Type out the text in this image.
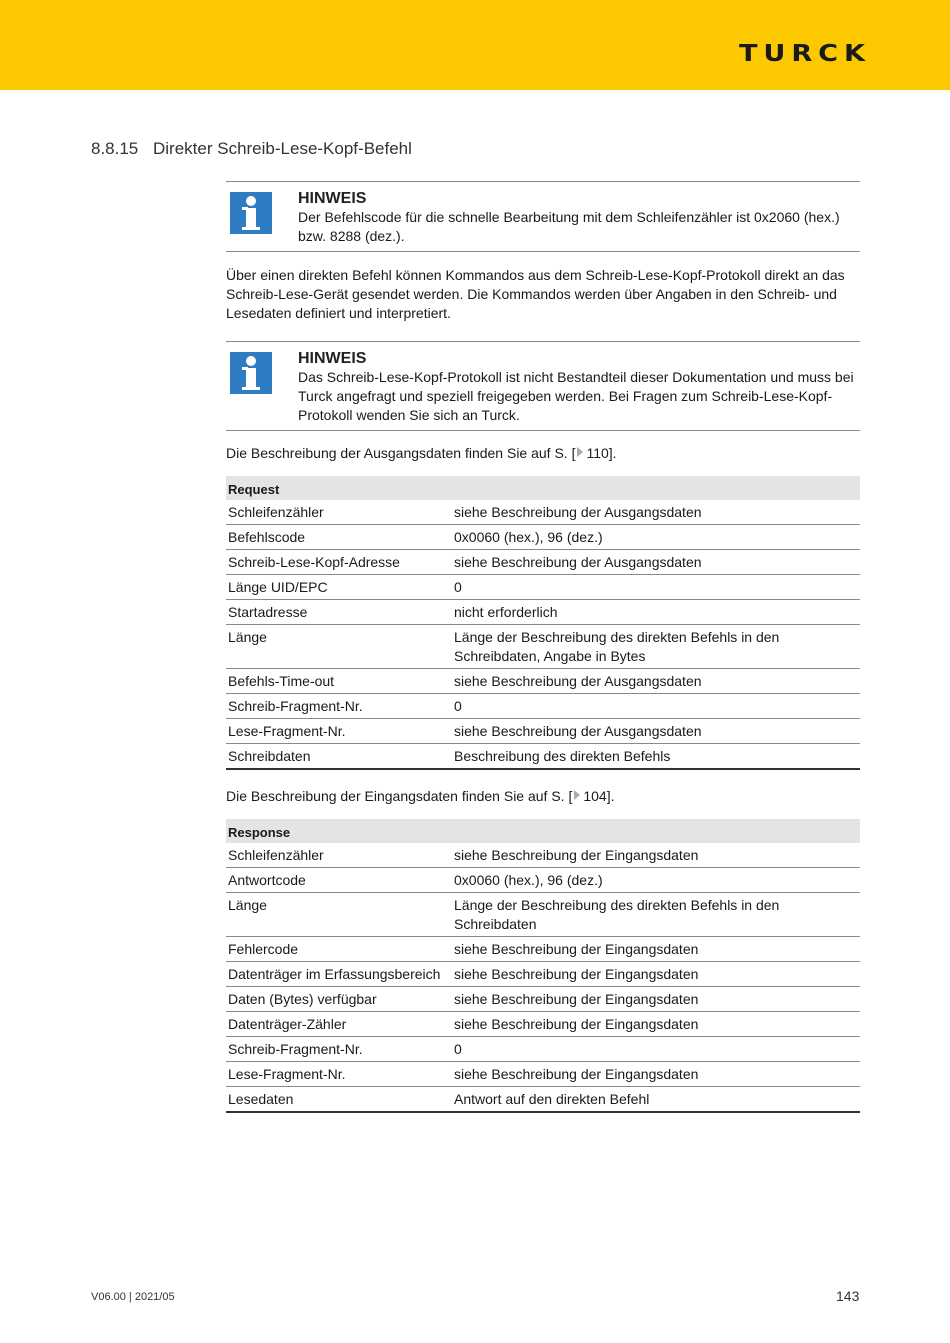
TURCK
8.8.15 Direkter Schreib-Lese-Kopf-Befehl
HINWEIS
Der Befehlscode für die schnelle Bearbeitung mit dem Schleifenzähler ist 0x2060 (hex.) bzw. 8288 (dez.).
Über einen direkten Befehl können Kommandos aus dem Schreib-Lese-Kopf-Protokoll direkt an das Schreib-Lese-Gerät gesendet werden. Die Kommandos werden über Angaben in den Schreib- und Lesedaten definiert und interpretiert.
HINWEIS
Das Schreib-Lese-Kopf-Protokoll ist nicht Bestandteil dieser Dokumentation und muss bei Turck angefragt und speziell freigegeben werden. Bei Fragen zum Schreib-Lese-Kopf-Protokoll wenden Sie sich an Turck.
Die Beschreibung der Ausgangsdaten finden Sie auf S. [ 110].
Request	
Schleifenzähler	siehe Beschreibung der Ausgangsdaten
Befehlscode	0x0060 (hex.), 96 (dez.)
Schreib-Lese-Kopf-Adresse	siehe Beschreibung der Ausgangsdaten
Länge UID/EPC	0
Startadresse	nicht erforderlich
Länge	Länge der Beschreibung des direkten Befehls in den Schreibdaten, Angabe in Bytes
Befehls-Time-out	siehe Beschreibung der Ausgangsdaten
Schreib-Fragment-Nr.	0
Lese-Fragment-Nr.	siehe Beschreibung der Ausgangsdaten
Schreibdaten	Beschreibung des direkten Befehls
Die Beschreibung der Eingangsdaten finden Sie auf S. [ 104].
Response	
Schleifenzähler	siehe Beschreibung der Eingangsdaten
Antwortcode	0x0060 (hex.), 96 (dez.)
Länge	Länge der Beschreibung des direkten Befehls in den Schreibdaten
Fehlercode	siehe Beschreibung der Eingangsdaten
Datenträger im Erfassungsbereich	siehe Beschreibung der Eingangsdaten
Daten (Bytes) verfügbar	siehe Beschreibung der Eingangsdaten
Datenträger-Zähler	siehe Beschreibung der Eingangsdaten
Schreib-Fragment-Nr.	0
Lese-Fragment-Nr.	siehe Beschreibung der Eingangsdaten
Lesedaten	Antwort auf den direkten Befehl
V06.00 | 2021/05	143
